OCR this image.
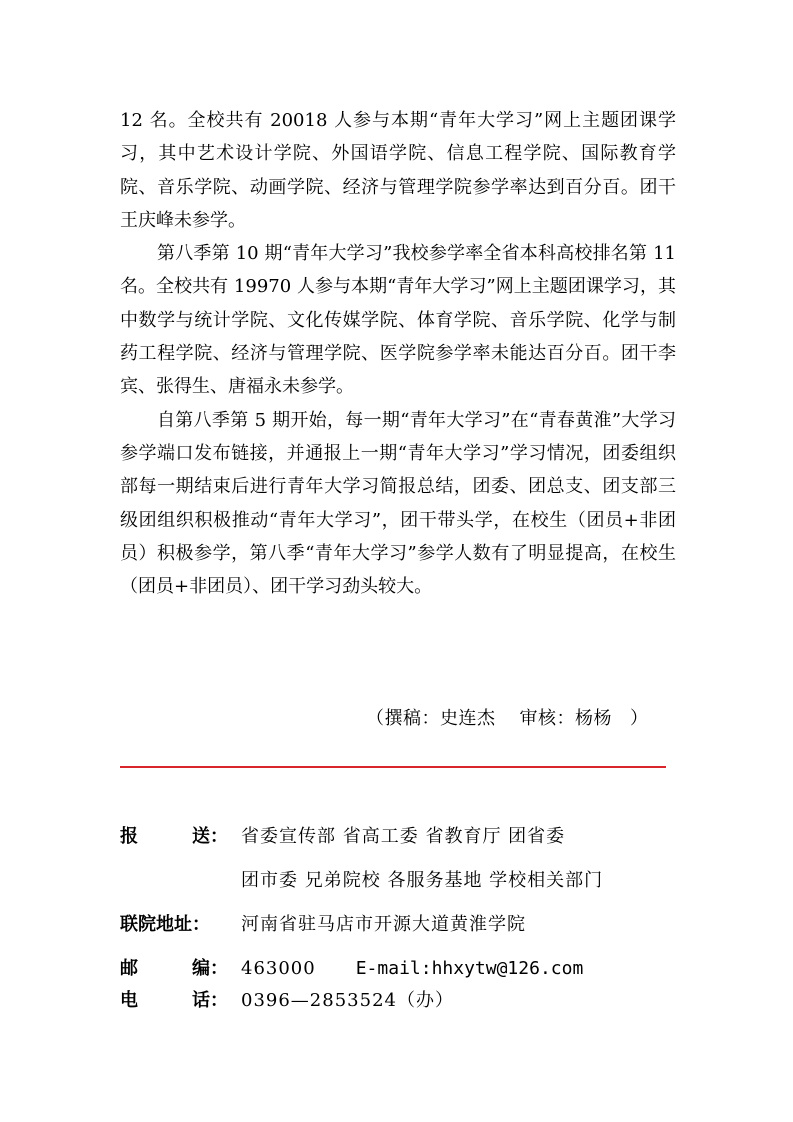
12 名。全校共有 20018 人参与本期“青年大学习”网上主题团课学习，其中艺术设计学院、外国语学院、信息工程学院、国际教育学院、音乐学院、动画学院、经济与管理学院参学率达到百分百。团干王庆峰未参学。

第八季第 10 期“青年大学习”我校参学率全省本科高校排名第 11 名。全校共有 19970 人参与本期“青年大学习”网上主题团课学习，其中数学与统计学院、文化传媒学院、体育学院、音乐学院、化学与制药工程学院、经济与管理学院、医学院参学率未能达百分百。团干李宾、张得生、唐福永未参学。

自第八季第 5 期开始，每一期“青年大学习”在“青春黄淮”大学习参学端口发布链接，并通报上一期“青年大学习”学习情况，团委组织部每一期结束后进行青年大学习简报总结，团委、团总支、团支部三级团组织积极推动“青年大学习”，团干带头学，在校生（团员+非团员）积极参学，第八季“青年大学习”参学人数有了明显提高，在校生（团员+非团员）、团干学习劲头较大。

（撰稿：史连杰 审核：杨杨 ）
报	送： 省委宣传部 省高工委 省教育厅 团省委
团市委 兄弟院校 各服务基地 学校相关部门
联院地址：	河南省驻马店市开源大道黄淮学院
邮	编： 463000 E-mail:hhxytw@126.com
电	话： 0396—2853524（办）
